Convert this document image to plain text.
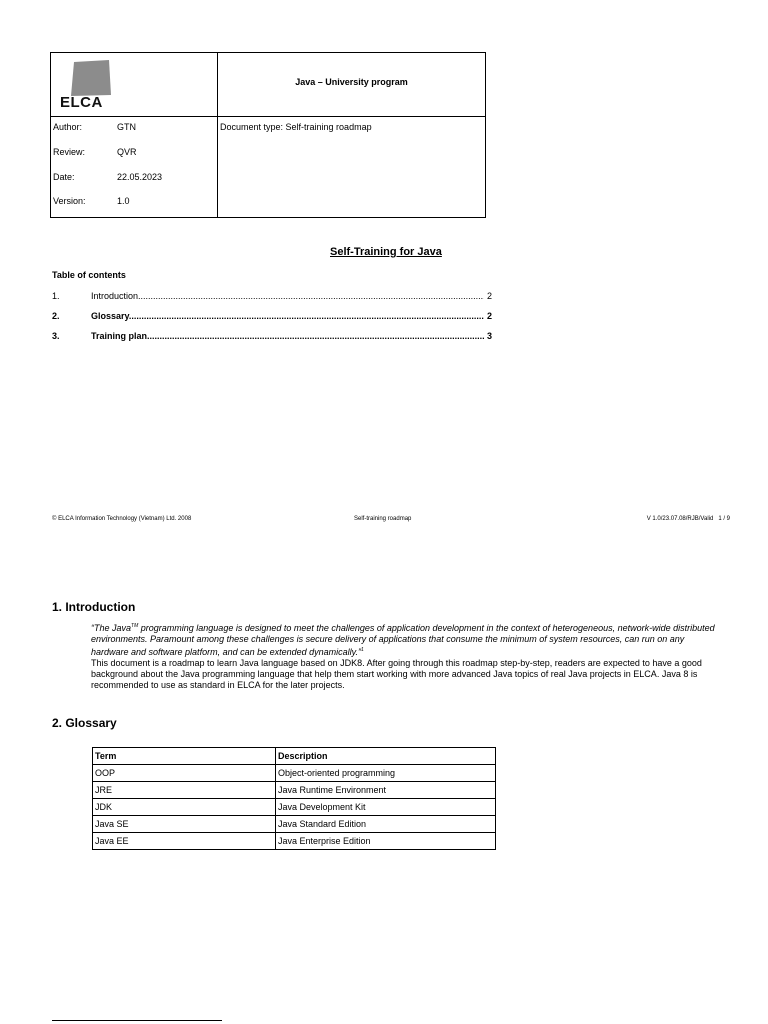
ELCA
Java – University program
Author:	GTN
Review:	QVR
Date:	22.05.2023
Version:	1.0
Document type: Self-training roadmap
Self-Training for Java
Table of contents
1.	Introduction .....	2
2.	Glossary .....	2
3.	Training plan .....	3
© ELCA Information Technology (Vietnam) Ltd. 2008	Self-training roadmap	V 1.0/23.07.08/RJB/Valid   1 / 9
1. Introduction
“The Java™ programming language is designed to meet the challenges of application development in the context of heterogeneous, network-wide distributed environments. Paramount among these challenges is secure delivery of applications that consume the minimum of system resources, can run on any hardware and software platform, and can be extended dynamically.”$^1$
This document is a roadmap to learn Java language based on JDK8. After going through this roadmap step-by-step, readers are expected to have a good background about the Java programming language that help them start working with more advanced Java topics of real Java projects in ELCA. Java 8 is recommended to use as standard in ELCA for the later projects.
2. Glossary
Term	Description
OOP	Object-oriented programming
JRE	Java Runtime Environment
JDK	Java Development Kit
Java SE	Java Standard Edition
Java EE	Java Enterprise Edition
